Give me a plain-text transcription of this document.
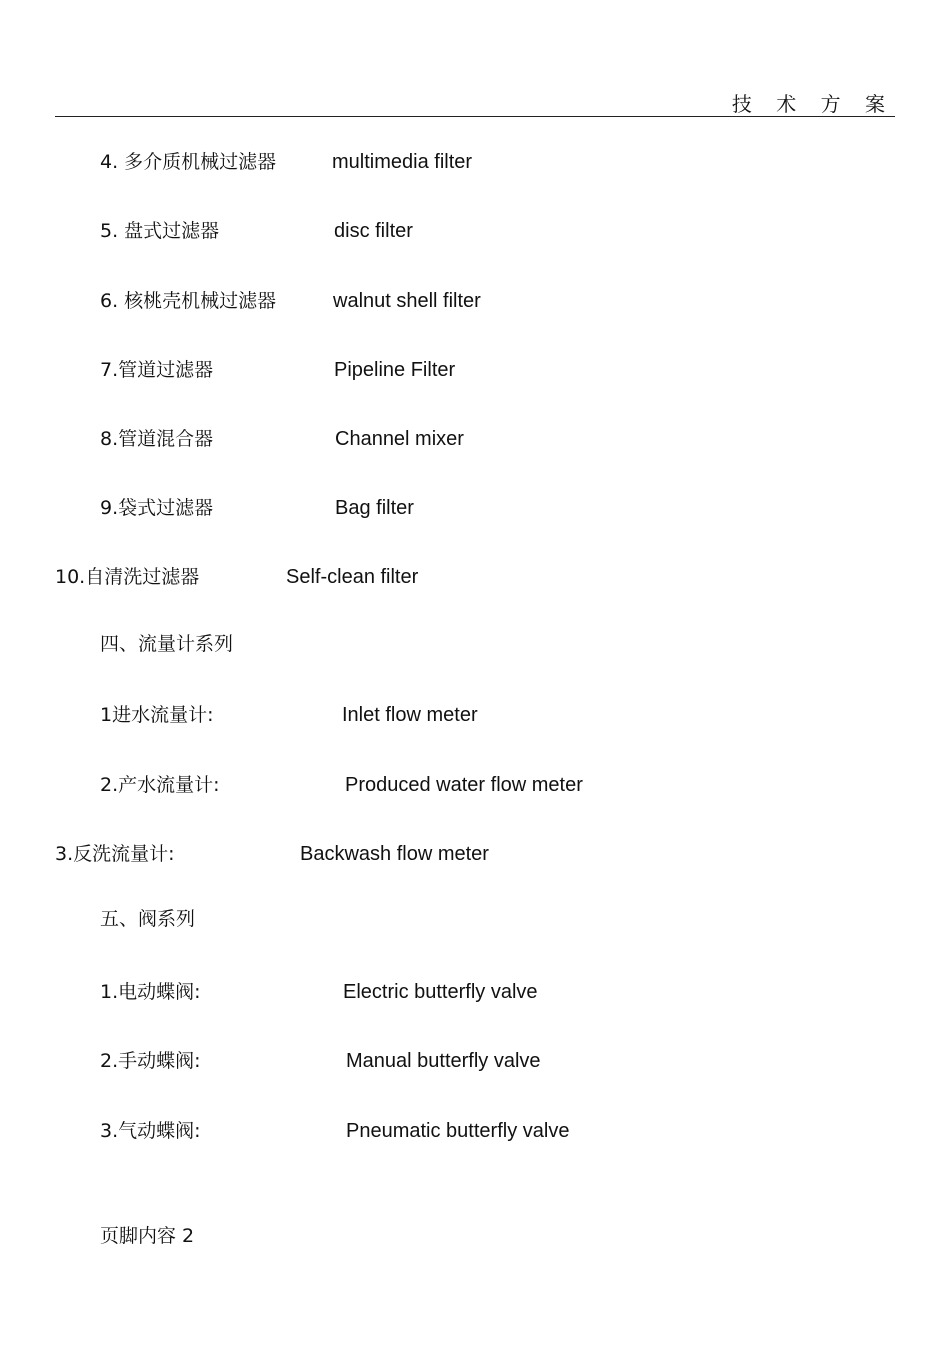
技 术 方 案
4. 多介质机械过滤器	multimedia filter
5. 盘式过滤器	disc filter
6. 核桃壳机械过滤器	walnut shell filter
7.管道过滤器	Pipeline Filter
8.管道混合器	Channel mixer
9.袋式过滤器	Bag filter
10.自清洗过滤器	Self-clean filter
四、流量计系列
1进水流量计:	Inlet flow meter
2.产水流量计:	Produced water flow meter
3.反洗流量计:	Backwash flow meter
五、阀系列
1.电动蝶阀:	Electric butterfly valve
2.手动蝶阀:	Manual butterfly valve
3.气动蝶阀:	Pneumatic butterfly valve
页脚内容 2
